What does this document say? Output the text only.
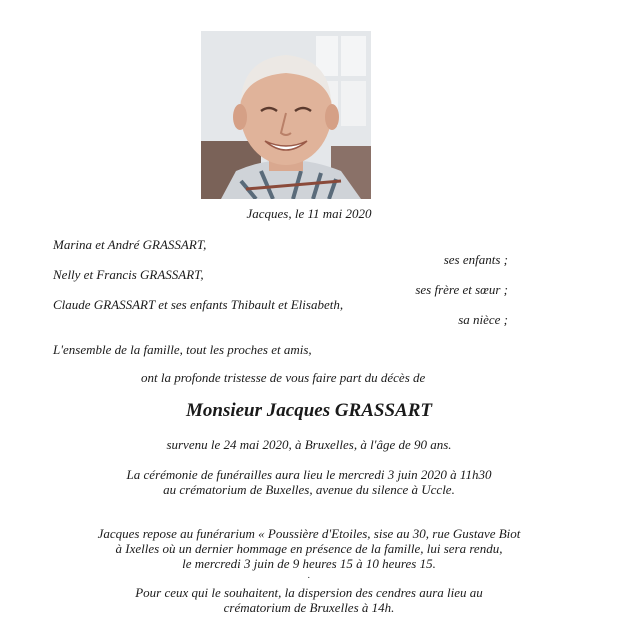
Jacques, le 11 mai 2020
Marina et André GRASSART,
ses enfants ;
Nelly et Francis GRASSART,
ses frère et sœur ;
Claude GRASSART et ses enfants Thibault et Elisabeth,
sa nièce ;
L'ensemble de la famille, tout les proches et amis,
ont la profonde tristesse de vous faire part du décès de
Monsieur Jacques GRASSART
survenu le 24 mai 2020, à Bruxelles, à l'âge de 90 ans.
La cérémonie de funérailles aura lieu le mercredi 3 juin 2020 à 11h30
au crématorium de Buxelles, avenue du silence à Uccle.
Jacques repose au funérarium « Poussière d'Etoiles, sise au 30, rue Gustave Biot
à Ixelles où un dernier hommage en présence de la famille, lui sera rendu,
le mercredi 3 juin de 9 heures 15 à 10 heures 15.
.
Pour ceux qui le souhaitent, la dispersion des cendres aura lieu au
crématorium de Bruxelles à 14h.
